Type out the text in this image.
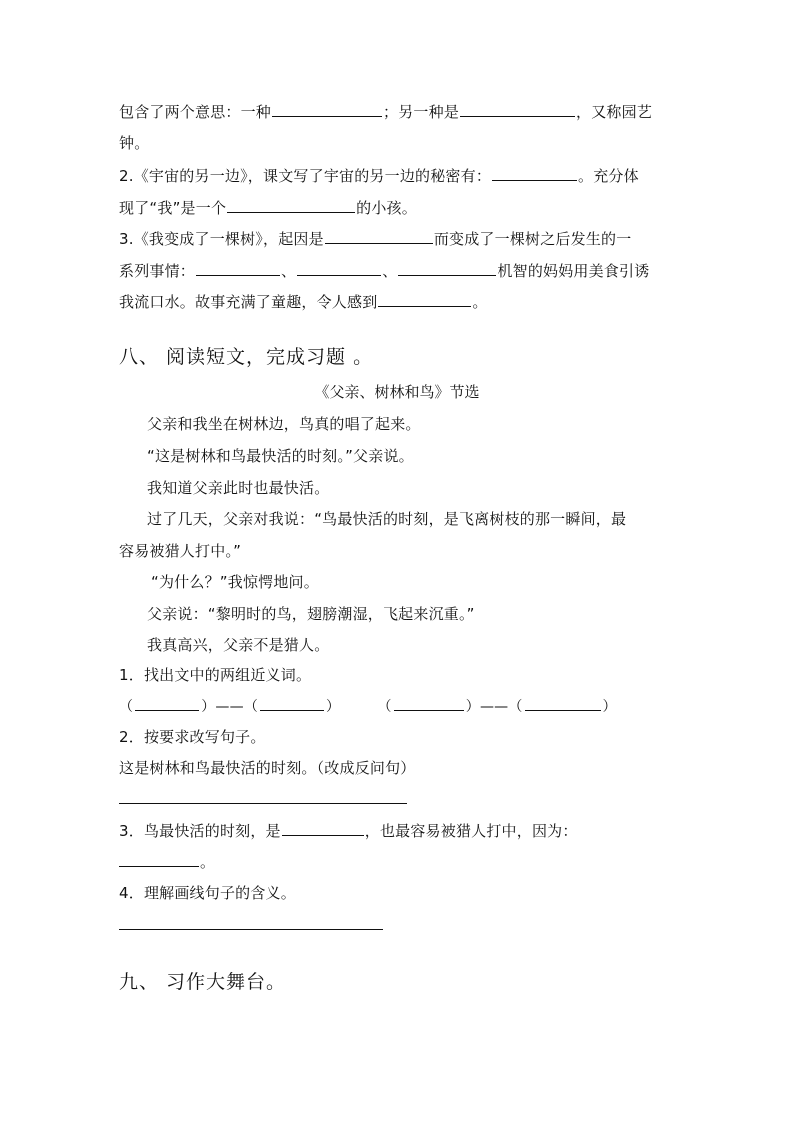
包含了两个意思：一种	；另一种是	，又称园艺
钟。
2.《宇宙的另一边》，课文写了宇宙的另一边的秘密有：	。充分体
现了“我”是一个	的小孩。
3.《我变成了一棵树》，起因是	而变成了一棵树之后发生的一
系列事情：	、	、	机智的妈妈用美食引诱
我流口水。故事充满了童趣，令人感到	。
八、 阅读短文，完成习题 。
《父亲、树林和鸟》节选
父亲和我坐在树林边，鸟真的唱了起来。
“这是树林和鸟最快活的时刻。”父亲说。
我知道父亲此时也最快活。
过了几天，父亲对我说：“鸟最快活的时刻，是飞离树枝的那一瞬间，最
容易被猎人打中。”
“为什么？”我惊愕地问。
父亲说：“黎明时的鸟，翅膀潮湿，飞起来沉重。”
我真高兴，父亲不是猎人。
1．找出文中的两组近义词。
（	）——（	）	（	）——（	）
2．按要求改写句子。
这是树林和鸟最快活的时刻。（改成反问句）
3．鸟最快活的时刻，是	，也最容易被猎人打中，因为：
。
4．理解画线句子的含义。
九、 习作大舞台。
